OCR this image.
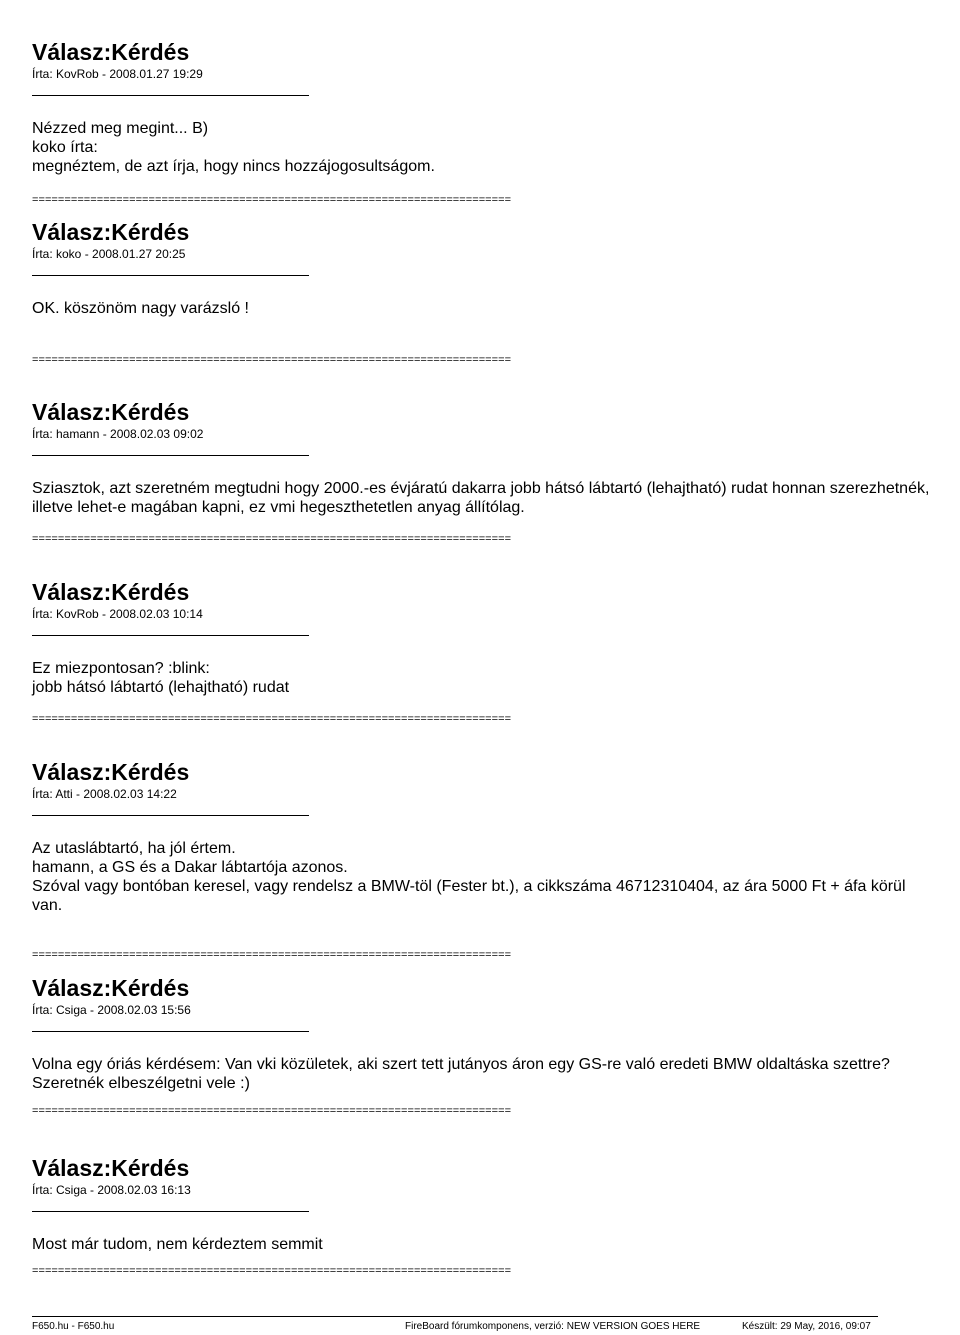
Válasz:Kérdés
Írta: KovRob - 2008.01.27 19:29

Nézzed meg megint... B)

koko írta:

megnéztem, de azt írja, hogy nincs hozzájogosultságom.

==========================================================================
Válasz:Kérdés
Írta: koko - 2008.01.27 20:25

OK. köszönöm nagy varázsló !

==========================================================================
Válasz:Kérdés
Írta: hamann - 2008.02.03 09:02

Sziasztok, azt szeretném megtudni hogy 2000.-es évjáratú dakarra jobb hátsó lábtartó (lehajtható) rudat honnan szerezhetnék, illetve lehet-e magában kapni, ez vmi hegeszthetetlen anyag állítólag.

==========================================================================
Válasz:Kérdés
Írta: KovRob - 2008.02.03 10:14

Ez miezpontosan? :blink:

jobb hátsó lábtartó (lehajtható) rudat

==========================================================================
Válasz:Kérdés
Írta: Atti - 2008.02.03 14:22

Az utaslábtartó, ha jól értem.

hamann, a GS és a Dakar lábtartója azonos.

Szóval vagy bontóban keresel, vagy rendelsz a BMW-töl (Fester bt.), a cikkszáma 46712310404, az ára 5000 Ft + áfa körül van.

==========================================================================
Válasz:Kérdés
Írta: Csiga - 2008.02.03 15:56

Volna egy óriás kérdésem: Van vki közületek, aki szert tett jutányos áron egy GS-re való eredeti BMW oldaltáska szettre? Szeretnék elbeszélgetni vele :)

==========================================================================
Válasz:Kérdés
Írta: Csiga - 2008.02.03 16:13

Most már tudom, nem kérdeztem semmit

==========================================================================
F650.hu - F650.hu	FireBoard fórumkomponens, verzió: NEW VERSION GOES HERE	Készült: 29 May, 2016, 09:07
